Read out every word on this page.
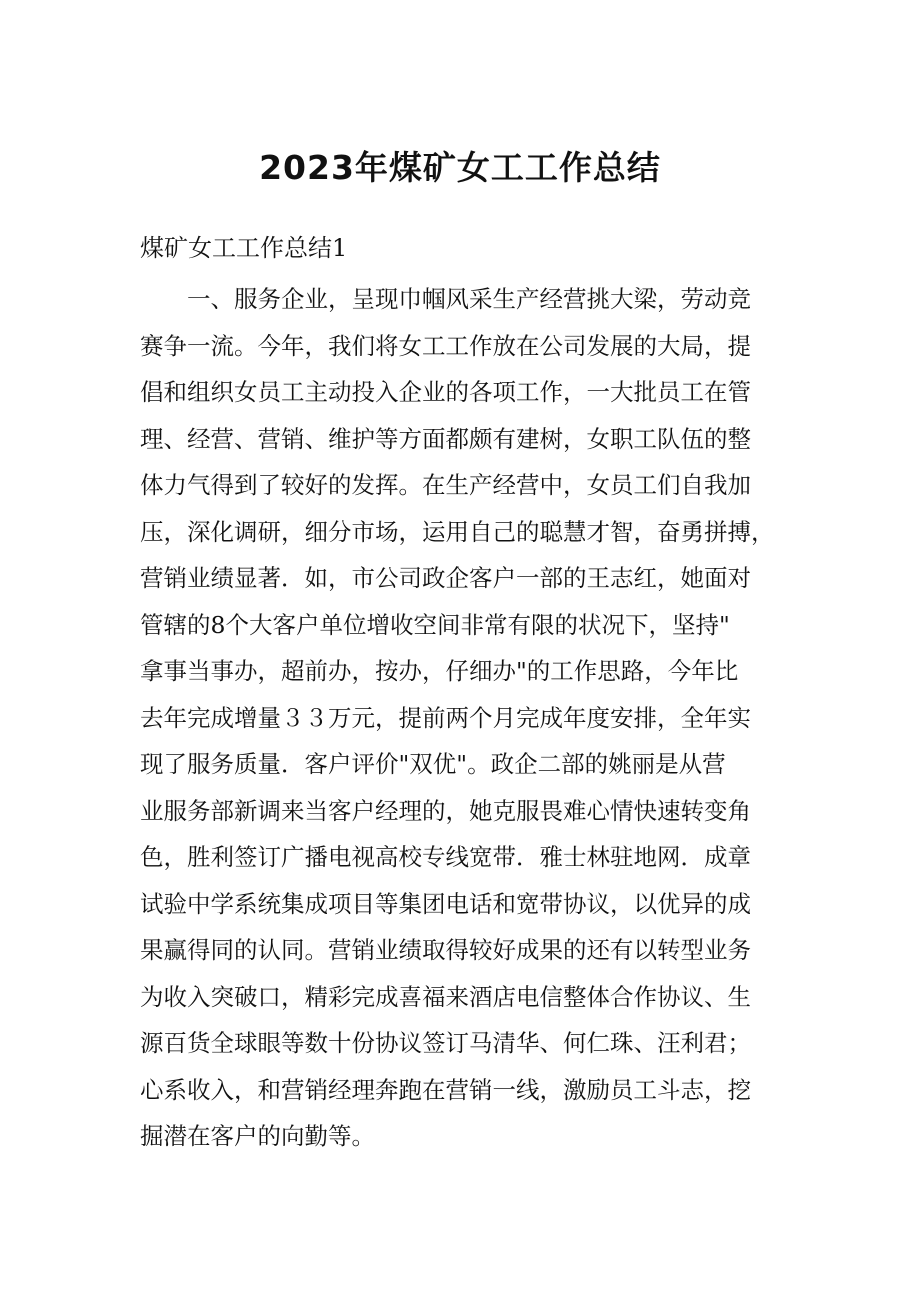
2023年煤矿女工工作总结

煤矿女工工作总结1

一、服务企业，呈现巾帼风采生产经营挑大梁，劳动竞
赛争一流。今年，我们将女工工作放在公司发展的大局，提
倡和组织女员工主动投入企业的各项工作，一大批员工在管
理、经营、营销、维护等方面都颇有建树，女职工队伍的整
体力气得到了较好的发挥。在生产经营中，女员工们自我加
压，深化调研，细分市场，运用自己的聪慧才智，奋勇拼搏，
营销业绩显著．如，市公司政企客户一部的王志红，她面对
管辖的8个大客户单位增收空间非常有限的状况下，坚持"
拿事当事办，超前办，按办，仔细办"的工作思路，今年比
去年完成增量３３万元，提前两个月完成年度安排，全年实
现了服务质量．客户评价"双优"。政企二部的姚丽是从营
业服务部新调来当客户经理的，她克服畏难心情快速转变角
色，胜利签订广播电视高校专线宽带．雅士林驻地网．成章
试验中学系统集成项目等集团电话和宽带协议，以优异的成
果赢得同的认同。营销业绩取得较好成果的还有以转型业务
为收入突破口，精彩完成喜福来酒店电信整体合作协议、生
源百货全球眼等数十份协议签订马清华、何仁珠、汪利君；
心系收入，和营销经理奔跑在营销一线，激励员工斗志，挖
掘潜在客户的向勤等。
